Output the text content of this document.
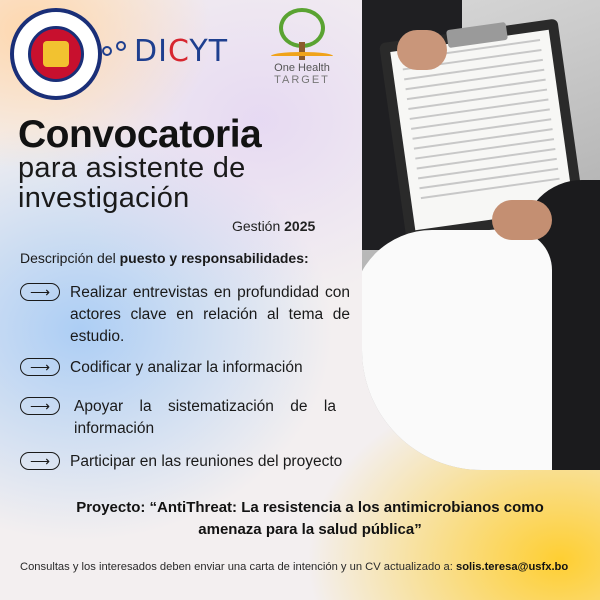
DICYT	One Health
TARGET
Convocatoria
para asistente de
investigación
Gestión 2025
Descripción del puesto y responsabilidades:
⟶	Realizar entrevistas en profundidad con actores clave en relación al tema de estudio.
⟶	Codificar y analizar la información
⟶	Apoyar la sistematización de la información
⟶	Participar en las reuniones del proyecto
Proyecto: “AntiThreat: La resistencia a los antimicrobianos como
amenaza para la salud pública”
Consultas y los interesados deben enviar una carta de intención y un CV actualizado a: solis.teresa@usfx.bo
